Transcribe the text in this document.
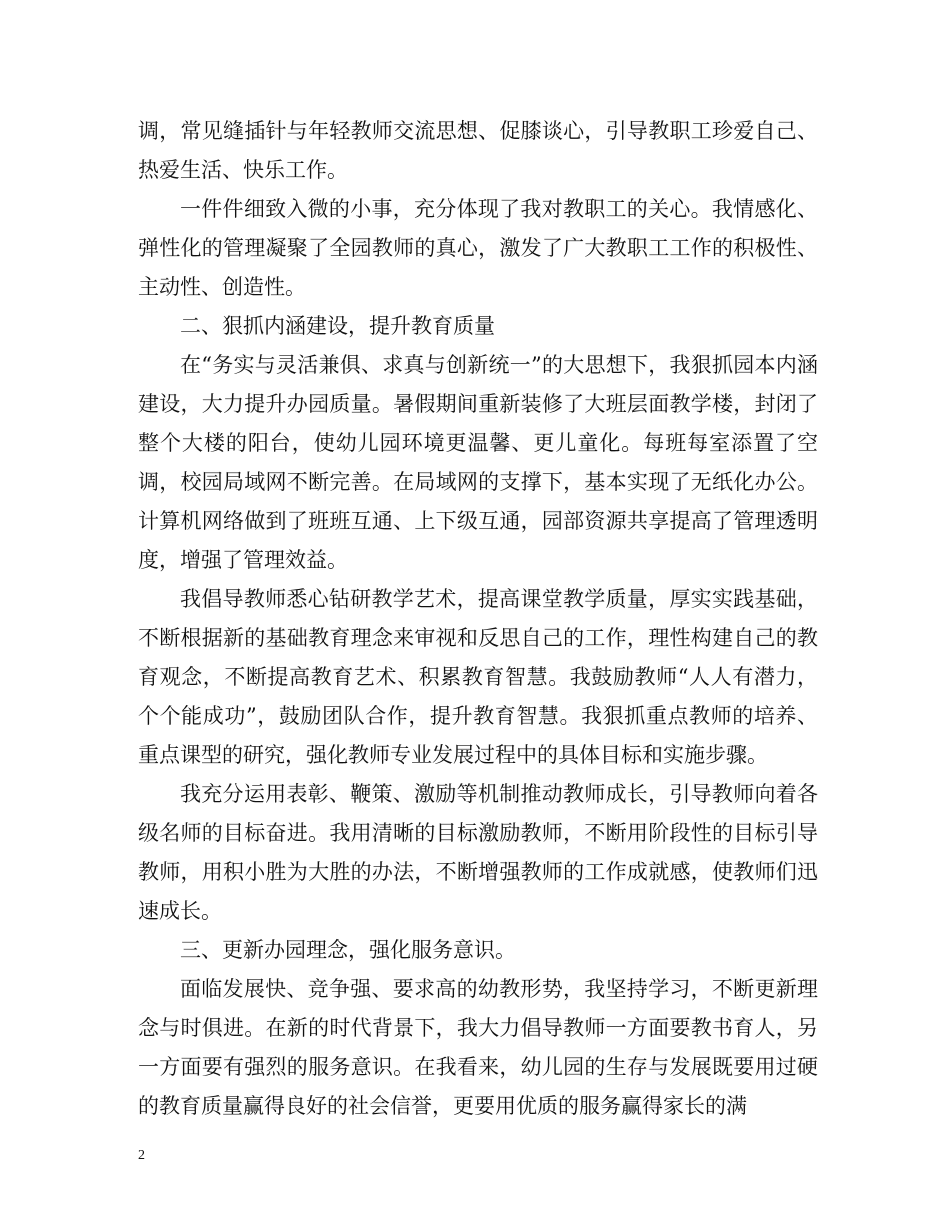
调，常见缝插针与年轻教师交流思想、促膝谈心，引导教职工珍爱自己、热爱生活、快乐工作。

一件件细致入微的小事，充分体现了我对教职工的关心。我情感化、弹性化的管理凝聚了全园教师的真心，激发了广大教职工工作的积极性、主动性、创造性。

二、狠抓内涵建设，提升教育质量

在“务实与灵活兼俱、求真与创新统一”的大思想下，我狠抓园本内涵建设，大力提升办园质量。暑假期间重新装修了大班层面教学楼，封闭了整个大楼的阳台，使幼儿园环境更温馨、更儿童化。每班每室添置了空调，校园局域网不断完善。在局域网的支撑下，基本实现了无纸化办公。计算机网络做到了班班互通、上下级互通，园部资源共享提高了管理透明度，增强了管理效益。

我倡导教师悉心钻研教学艺术，提高课堂教学质量，厚实实践基础，不断根据新的基础教育理念来审视和反思自己的工作，理性构建自己的教育观念，不断提高教育艺术、积累教育智慧。我鼓励教师“人人有潜力，个个能成功”，鼓励团队合作，提升教育智慧。我狠抓重点教师的培养、重点课型的研究，强化教师专业发展过程中的具体目标和实施步骤。

我充分运用表彰、鞭策、激励等机制推动教师成长，引导教师向着各级名师的目标奋进。我用清晰的目标激励教师，不断用阶段性的目标引导教师，用积小胜为大胜的办法，不断增强教师的工作成就感，使教师们迅速成长。

三、更新办园理念，强化服务意识。

面临发展快、竞争强、要求高的幼教形势，我坚持学习，不断更新理念与时俱进。在新的时代背景下，我大力倡导教师一方面要教书育人，另一方面要有强烈的服务意识。在我看来，幼儿园的生存与发展既要用过硬的教育质量赢得良好的社会信誉，更要用优质的服务赢得家长的满

2
